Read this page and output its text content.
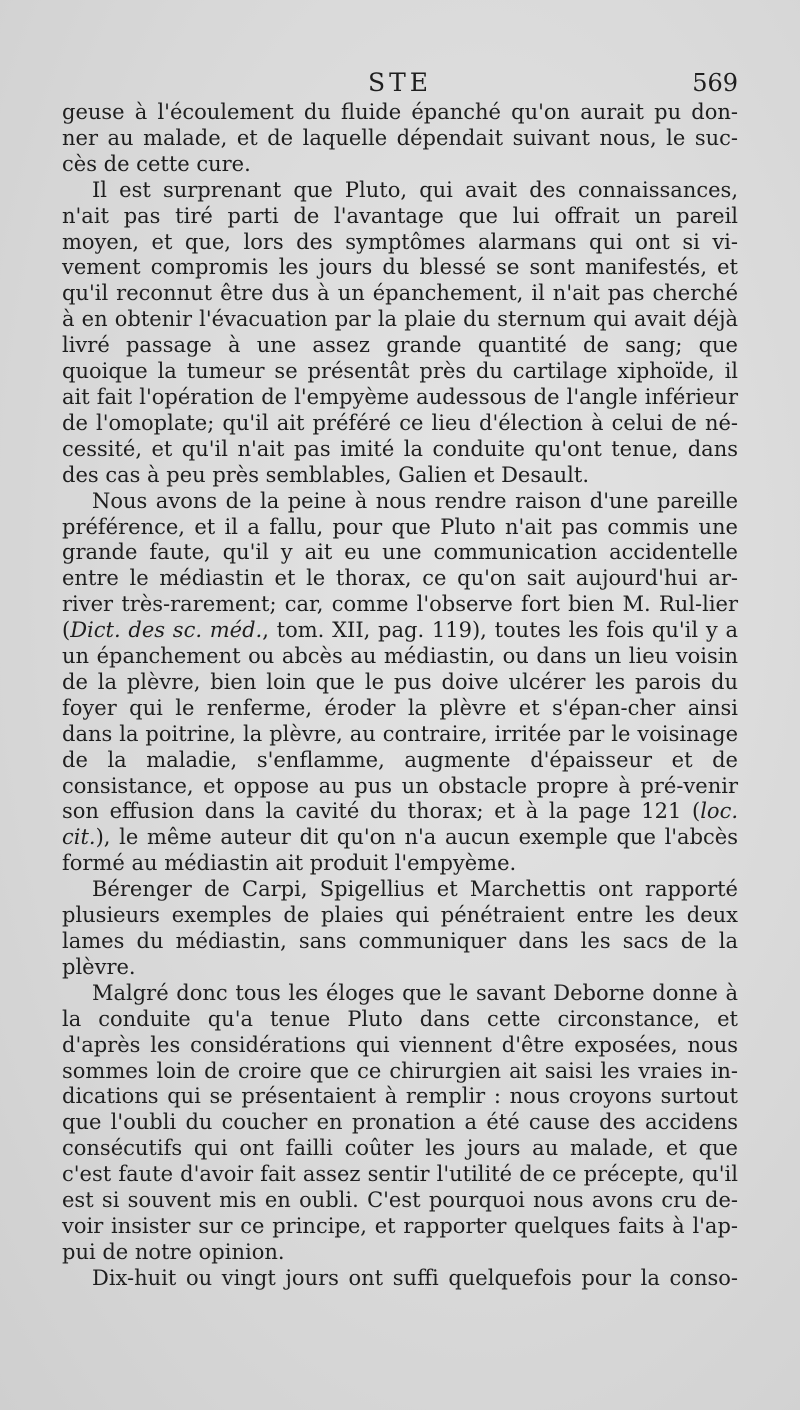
STE	569

geuse à l'écoulement du fluide épanché qu'on aurait pu don-ner au malade, et de laquelle dépendait suivant nous, le suc-cès de cette cure.

Il est surprenant que Pluto, qui avait des connaissances, n'ait pas tiré parti de l'avantage que lui offrait un pareil moyen, et que, lors des symptômes alarmans qui ont si vi-vement compromis les jours du blessé se sont manifestés, et qu'il reconnut être dus à un épanchement, il n'ait pas cherché à en obtenir l'évacuation par la plaie du sternum qui avait déjà livré passage à une assez grande quantité de sang; que quoique la tumeur se présentât près du cartilage xiphoïde, il ait fait l'opération de l'empyème audessous de l'angle inférieur de l'omoplate; qu'il ait préféré ce lieu d'élection à celui de né-cessité, et qu'il n'ait pas imité la conduite qu'ont tenue, dans des cas à peu près semblables, Galien et Desault.

Nous avons de la peine à nous rendre raison d'une pareille préférence, et il a fallu, pour que Pluto n'ait pas commis une grande faute, qu'il y ait eu une communication accidentelle entre le médiastin et le thorax, ce qu'on sait aujourd'hui ar-river très-rarement; car, comme l'observe fort bien M. Rul-lier (Dict. des sc. méd., tom. XII, pag. 119), toutes les fois qu'il y a un épanchement ou abcès au médiastin, ou dans un lieu voisin de la plèvre, bien loin que le pus doive ulcérer les parois du foyer qui le renferme, éroder la plèvre et s'épan-cher ainsi dans la poitrine, la plèvre, au contraire, irritée par le voisinage de la maladie, s'enflamme, augmente d'épaisseur et de consistance, et oppose au pus un obstacle propre à pré-venir son effusion dans la cavité du thorax; et à la page 121 (loc. cit.), le même auteur dit qu'on n'a aucun exemple que l'abcès formé au médiastin ait produit l'empyème.

Bérenger de Carpi, Spigellius et Marchettis ont rapporté plusieurs exemples de plaies qui pénétraient entre les deux lames du médiastin, sans communiquer dans les sacs de la plèvre.

Malgré donc tous les éloges que le savant Deborne donne à la conduite qu'a tenue Pluto dans cette circonstance, et d'après les considérations qui viennent d'être exposées, nous sommes loin de croire que ce chirurgien ait saisi les vraies in-dications qui se présentaient à remplir : nous croyons surtout que l'oubli du coucher en pronation a été cause des accidens consécutifs qui ont failli coûter les jours au malade, et que c'est faute d'avoir fait assez sentir l'utilité de ce précepte, qu'il est si souvent mis en oubli. C'est pourquoi nous avons cru de-voir insister sur ce principe, et rapporter quelques faits à l'ap-pui de notre opinion.

Dix-huit ou vingt jours ont suffi quelquefois pour la conso-
